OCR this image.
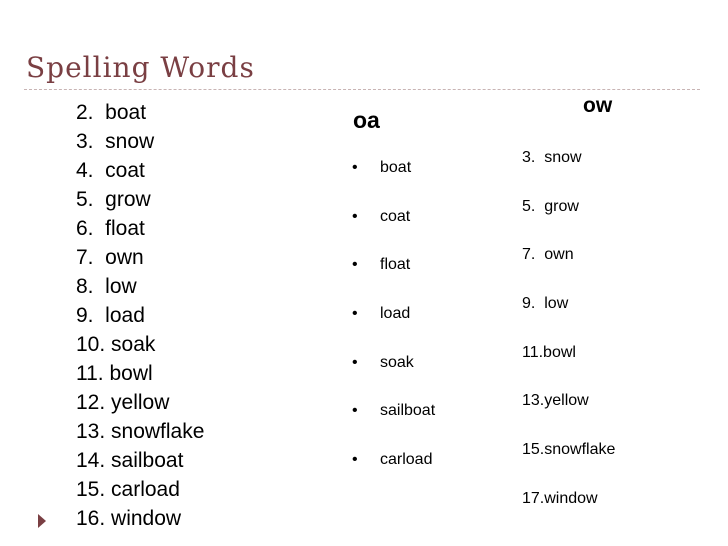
Spelling Words
2.  boat
3.  snow
4.  coat
5.  grow
6.  float
7.  own
8.  low
9.  load
10. soak
11. bowl
12. yellow
13. snowflake
14. sailboat
15. carload
16. window
oa
• boat
• coat
• float
• load
• soak
• sailboat
• carload
ow
3.  snow
5.  grow
7.  own
9.  low
11.bowl
13.yellow
15.snowflake
17.window
